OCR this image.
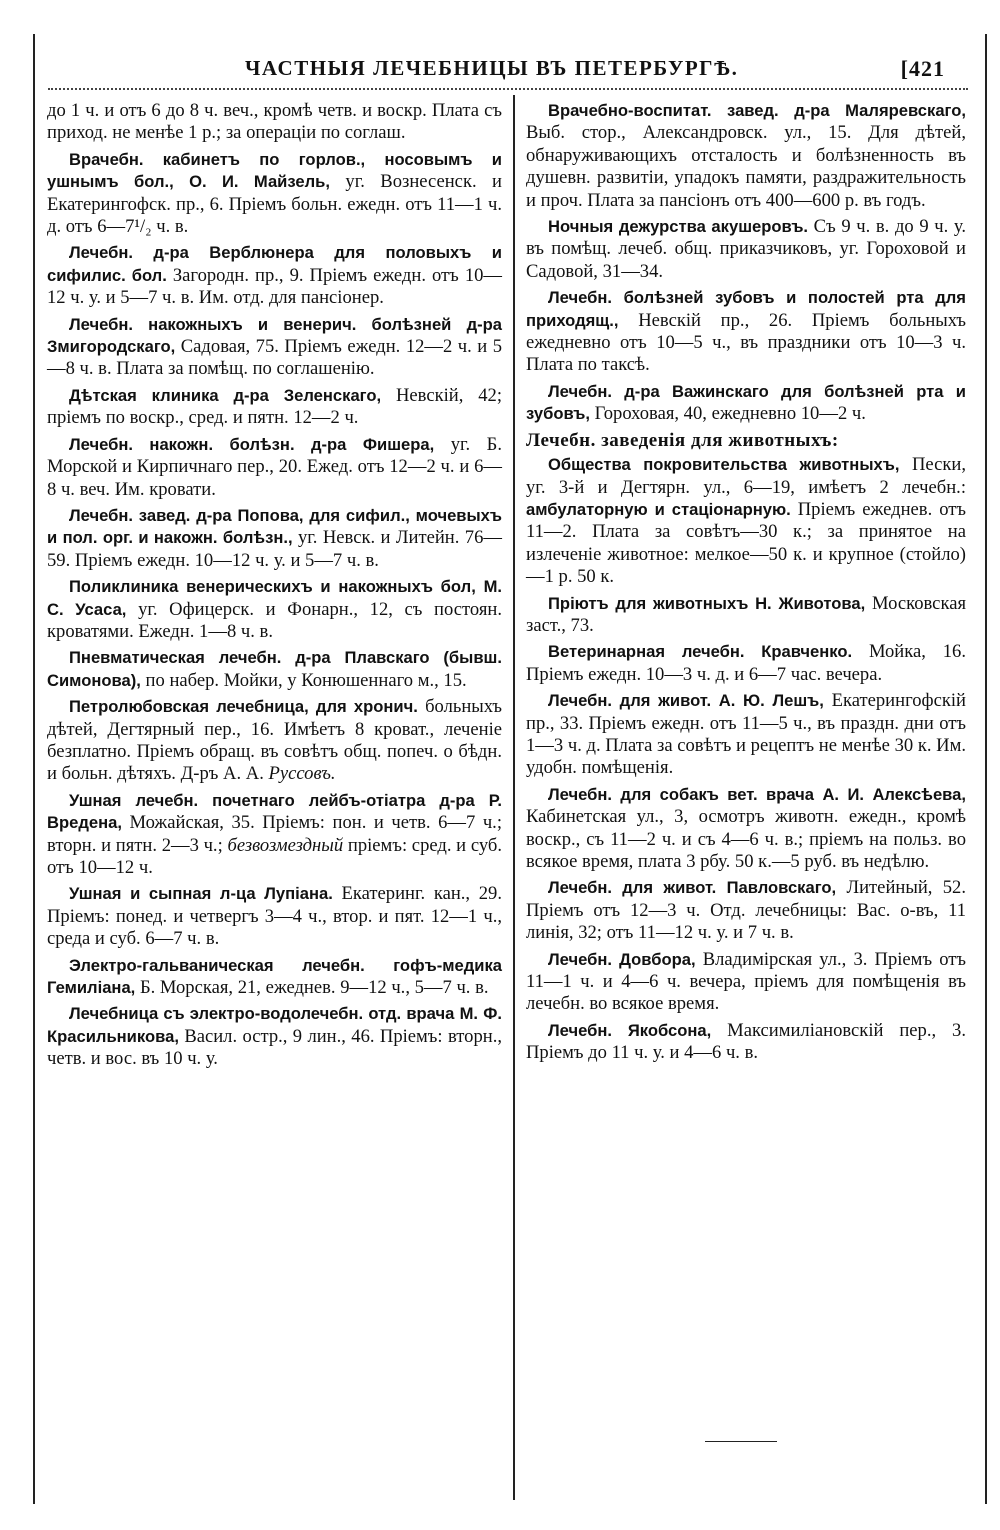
ЧАСТНЫЯ ЛЕЧЕБНИЦЫ ВЪ ПЕТЕРБУРГѢ.	[421
до 1 ч. и отъ 6 до 8 ч. веч., кромѣ четв. и воскр. Плата съ приход. не менѣе 1 р.; за операціи по соглаш.
Врачебн. кабинетъ по горлов., носовымъ и ушнымъ бол., О. И. Майзель, уг. Вознесенск. и Екатерингофск. пр., 6. Пріемъ больн. ежедн. отъ 11—1 ч. д. отъ 6—7¹/₂ ч. в.
Лечебн. д-ра Верблюнера для половыхъ и сифилис. бол. Загородн. пр., 9. Пріемъ ежедн. отъ 10—12 ч. у. и 5—7 ч. в. Им. отд. для пансіонер.
Лечебн. накожныхъ и венерич. болѣзней д-ра Змигородскаго, Садовая, 75. Пріемъ ежедн. 12—2 ч. и 5—8 ч. в. Плата за помѣщ. по соглашенію.
Дѣтская клиника д-ра Зеленскаго, Невскій, 42; пріемъ по воскр., сред. и пятн. 12—2 ч.
Лечебн. накожн. болѣзн. д-ра Фишера, уг. Б. Морской и Кирпичнаго пер., 20. Ежед. отъ 12—2 ч. и 6—8 ч. веч. Им. кровати.
Лечебн. завед. д-ра Попова, для сифил., мочевыхъ и пол. орг. и накожн. болѣзн., уг. Невск. и Литейн. 76—59. Пріемъ ежедн. 10—12 ч. у. и 5—7 ч. в.
Поликлиника венерическихъ и накожныхъ бол, М. С. Усаса, уг. Офицерск. и Фонарн., 12, съ постоян. кроватями. Ежедн. 1—8 ч. в.
Пневматическая лечебн. д-ра Плавскаго (бывш. Симонова), по набер. Мойки, у Конюшеннаго м., 15.
Петролюбовская лечебница, для хронич. больныхъ дѣтей, Дегтярный пер., 16. Имѣетъ 8 кроват., леченіе безплатно. Пріемъ обращ. въ совѣтъ общ. попеч. о бѣдн. и больн. дѣтяхъ. Д-ръ А. А. Руссовъ.
Ушная лечебн. почетнаго лейбъ-отіатра д-ра Р. Вредена, Можайская, 35. Пріемъ: пон. и четв. 6—7 ч.; вторн. и пятн. 2—3 ч.; безвозмездный пріемъ: сред. и суб. отъ 10—12 ч.
Ушная и сыпная л-ца Лупіана. Екатеринг. кан., 29. Пріемъ: понед. и четвергъ 3—4 ч., втор. и пят. 12—1 ч., среда и суб. 6—7 ч. в.
Электро-гальваническая лечебн. гофъ-медика Гемиліана, Б. Морская, 21, ежеднев. 9—12 ч., 5—7 ч. в.
Лечебница съ электро-водолечебн. отд. врача М. Ф. Красильникова, Васил. остр., 9 лин., 46. Пріемъ: вторн., четв. и вос. въ 10 ч. у.
Врачебно-воспитат. завед. д-ра Маляревскаго, Выб. стор., Александровск. ул., 15. Для дѣтей, обнаруживающихъ отсталость и болѣзненность въ душевн. развитіи, упадокъ памяти, раздражительность и проч. Плата за пансіонъ отъ 400—600 р. въ годъ.
Ночныя дежурства акушеровъ. Съ 9 ч. в. до 9 ч. у. въ помѣщ. лечеб. общ. приказчиковъ, уг. Гороховой и Садовой, 31—34.
Лечебн. болѣзней зубовъ и полостей рта для приходящ., Невскій пр., 26. Пріемъ больныхъ ежедневно отъ 10—5 ч., въ праздники отъ 10—3 ч. Плата по таксѣ.
Лечебн. д-ра Важинскаго для болѣзней рта и зубовъ, Гороховая, 40, ежедневно 10—2 ч.
Лечебн. заведенія для животныхъ:
Общества покровительства животныхъ, Пески, уг. 3-й и Дегтярн. ул., 6—19, имѣетъ 2 лечебн.: амбулаторную и стаціонарную. Пріемъ ежеднев. отъ 11—2. Плата за совѣтъ—30 к.; за принятое на излеченіе животное: мелкое—50 к. и крупное (стойло)—1 р. 50 к.
Пріютъ для животныхъ Н. Животова, Московская заст., 73.
Ветеринарная лечебн. Кравченко. Мойка, 16. Пріемъ ежедн. 10—3 ч. д. и 6—7 час. вечера.
Лечебн. для живот. А. Ю. Лешъ, Екатерингофскій пр., 33. Пріемъ ежедн. отъ 11—5 ч., въ праздн. дни отъ 1—3 ч. д. Плата за совѣтъ и рецептъ не менѣе 30 к. Им. удобн. помѣщенія.
Лечебн. для собакъ вет. врача А. И. Алексѣева, Кабинетская ул., 3, осмотръ животн. ежедн., кромѣ воскр., съ 11—2 ч. и съ 4—6 ч. в.; пріемъ на польз. во всякое время, плата 3 рбу. 50 к.—5 руб. въ недѣлю.
Лечебн. для живот. Павловскаго, Литейный, 52. Пріемъ отъ 12—3 ч. Отд. лечебницы: Вас. о-въ, 11 линія, 32; отъ 11—12 ч. у. и 7 ч. в.
Лечебн. Довбора, Владимірская ул., 3. Пріемъ отъ 11—1 ч. и 4—6 ч. вечера, пріемъ для помѣщенія въ лечебн. во всякое время.
Лечебн. Якобсона, Максимиліановскій пер., 3. Пріемъ до 11 ч. у. и 4—6 ч. в.
